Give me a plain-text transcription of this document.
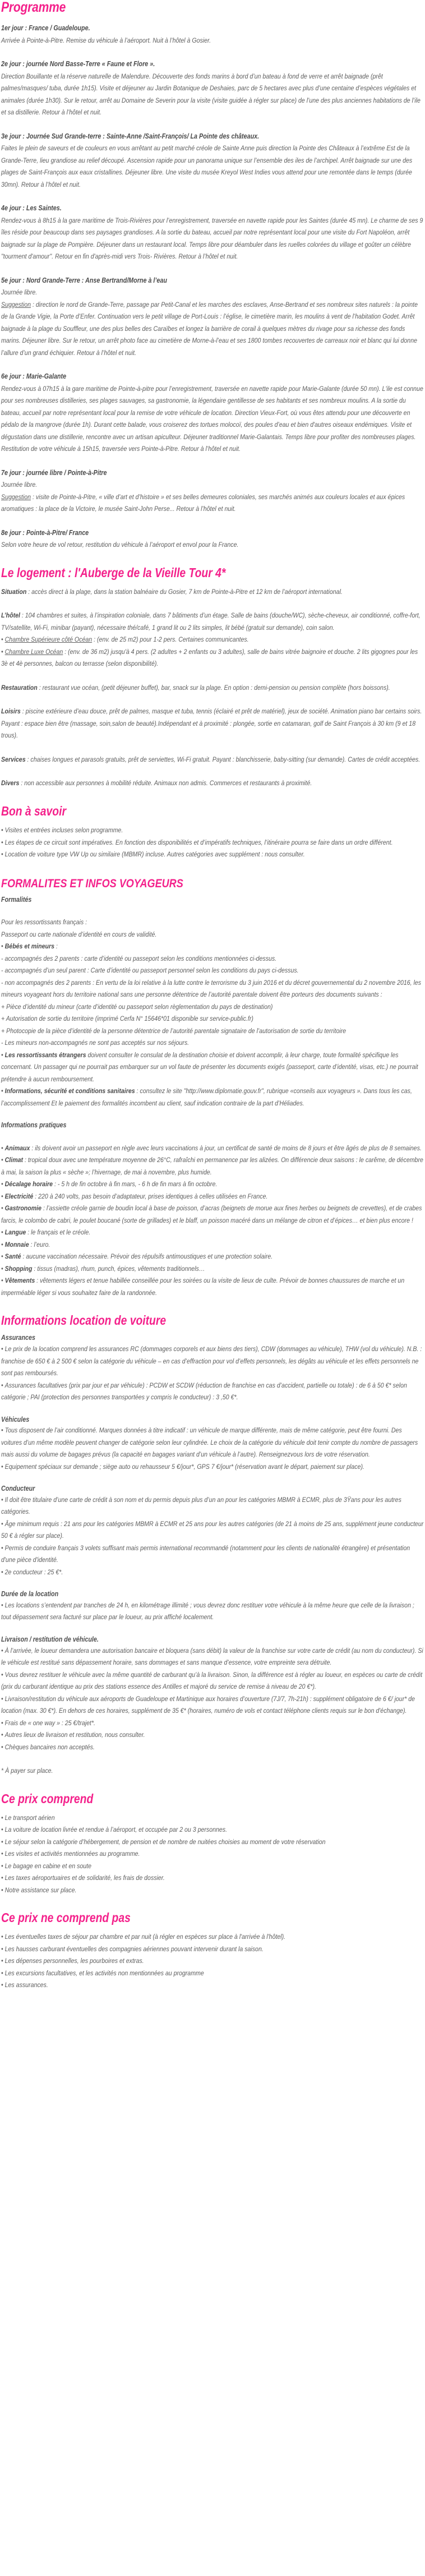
Programme

1er jour : France / Guadeloupe.

Arrivée à Pointe-à-Pitre. Remise du véhicule à l’aéroport. Nuit à l’hôtel à Gosier.

2e jour : journée Nord Basse-Terre « Faune et Flore ».

Direction Bouillante et la réserve naturelle de Malendure. Découverte des fonds marins à bord d’un bateau à fond de verre et arrêt baignade (prêt palmes/masques/ tuba, durée 1h15). Visite et déjeuner au Jardin Botanique de Deshaies, parc de 5 hectares avec plus d’une centaine d’espèces végétales et animales (durée 1h30). Sur le retour, arrêt au Domaine de Severin pour la visite (visite guidée à régler sur place) de l’une des plus anciennes habitations de l’ile et sa distillerie. Retour à l’hôtel et nuit.

3e jour : Journée Sud Grande-terre : Sainte-Anne /Saint-François/ La Pointe des châteaux.

Faites le plein de saveurs et de couleurs en vous arrêtant au petit marché créole de Sainte Anne puis direction la Pointe des Châteaux à l’extrême Est de la Grande-Terre, lieu grandiose au relief découpé. Ascension rapide pour un panorama unique sur l’ensemble des iles de l’archipel. Arrêt baignade sur une des plages de Saint-François aux eaux cristallines. Déjeuner libre. Une visite du musée Kreyol West Indies vous attend pour une remontée dans le temps (durée 30mn). Retour à l’hôtel et nuit.

4e jour : Les Saintes.

Rendez-vous à 8h15 à la gare maritime de Trois-Rivières pour l’enregistrement, traversée en navette rapide pour les Saintes (durée 45 mn). Le charme de ses 9 îles réside pour beaucoup dans ses paysages grandioses. A la sortie du bateau, accueil par notre représentant local pour une visite du Fort Napoléon, arrêt baignade sur la plage de Pompière. Déjeuner dans un restaurant local. Temps libre pour déambuler dans les ruelles colorées du village et goûter un célèbre "tourment d'amour". Retour en fin d'après-midi vers Trois- Rivières. Retour à l’hôtel et nuit.

5e jour : Nord Grande-Terre : Anse Bertrand/Morne à l’eau

Journée libre.

Suggestion : direction le nord de Grande-Terre, passage par Petit-Canal et les marches des esclaves, Anse-Bertrand et ses nombreux sites naturels : la pointe de la Grande Vigie, la Porte d’Enfer. Continuation vers le petit village de Port-Louis : l’église, le cimetière marin, les moulins à vent de l’habitation Godet. Arrêt baignade à la plage du Souffleur, une des plus belles des Caraïbes et longez la barrière de corail à quelques mètres du rivage pour sa richesse des fonds marins. Déjeuner libre. Sur le retour, un arrêt photo face au cimetière de Morne-à-l’eau et ses 1800 tombes recouvertes de carreaux noir et blanc qui lui donne l’allure d’un grand échiquier. Retour à l’hôtel et nuit.

6e jour : Marie-Galante

Rendez-vous à 07h15 à la gare maritime de Pointe-à-pitre pour l’enregistrement, traversée en navette rapide pour Marie-Galante (durée 50 mn). L'ile est connue pour ses nombreuses distilleries, ses plages sauvages, sa gastronomie, la légendaire gentillesse de ses habitants et ses nombreux moulins. A la sortie du bateau, accueil par notre représentant local pour la remise de votre véhicule de location. Direction Vieux-Fort, où vous êtes attendu pour une découverte en pédalo de la mangrove (durée 1h). Durant cette balade, vous croiserez des tortues molocoï, des poules d’eau et bien d'autres oiseaux endémiques. Visite et dégustation dans une distillerie, rencontre avec un artisan apiculteur. Déjeuner traditionnel Marie-Galantais. Temps libre pour profiter des nombreuses plages. Restitution de votre véhicule à 15h15, traversée vers Pointe-à-Pitre. Retour à l’hôtel et nuit.

7e jour : journée libre / Pointe-à-Pitre

Journée libre.

Suggestion : visite de Pointe-à-Pitre, « ville d’art et d’histoire » et ses belles demeures coloniales, ses marchés animés aux couleurs locales et aux épices aromatiques : la place de la Victoire, le musée Saint-John Perse... Retour à l’hôtel et nuit.

8e jour : Pointe-à-Pitre/ France

Selon votre heure de vol retour, restitution du véhicule à l’aéroport et envol pour la France.

Le logement : l'Auberge de la Vieille Tour 4*

Situation : accès direct à la plage, dans la station balnéaire du Gosier, 7 km de Pointe-à-Pitre et 12 km de l’aéroport international.

L’hôtel : 104 chambres et suites, à l’inspiration coloniale, dans 7 bâtiments d’un étage. Salle de bains (douche/WC), sèche-cheveux, air conditionné, coffre-fort, TV/satellite, Wi-Fi, minibar (payant), nécessaire thé/café, 1 grand lit ou 2 lits simples, lit bébé (gratuit sur demande), coin salon.

• Chambre Supérieure côté Océan : (env. de 25 m2) pour 1-2 pers. Certaines communicantes.
• Chambre Luxe Océan : (env. de 36 m2) jusqu'à 4 pers. (2 adultes + 2 enfants ou 3 adultes), salle de bains vitrée baignoire et douche. 2 lits gigognes pour les 3è et 4è personnes, balcon ou terrasse (selon disponibilité).

Restauration : restaurant vue océan, (petit déjeuner buffet), bar, snack sur la plage. En option : demi-pension ou pension complète (hors boissons).

Loisirs : piscine extérieure d’eau douce, prêt de palmes, masque et tuba, tennis (éclairé et prêt de matériel), jeux de société. Animation piano bar certains soirs. Payant : espace bien être (massage, soin,salon de beauté).Indépendant et à proximité : plongée, sortie en catamaran, golf de Saint François à 30 km (9 et 18 trous).

Services : chaises longues et parasols gratuits, prêt de serviettes, Wi-Fi gratuit. Payant : blanchisserie, baby-sitting (sur demande). Cartes de crédit acceptées.

Divers : non accessible aux personnes à mobilité réduite. Animaux non admis. Commerces et restaurants à proximité.

Bon à savoir
• Visites et entrées incluses selon programme.
• Les étapes de ce circuit sont impératives. En fonction des disponibilités et d’impératifs techniques, l’itinéraire pourra se faire dans un ordre différent.
• Location de voiture type VW Up ou similaire (MBMR) incluse. Autres catégories avec supplément : nous consulter.
FORMALITES ET INFOS VOYAGEURS
Formalités

Pour les ressortissants français :

Passeport ou carte nationale d’identité en cours de validité.

• Bébés et mineurs :

- accompagnés des 2 parents : carte d’identité ou passeport selon les conditions mentionnées ci-dessus.

- accompagnés d’un seul parent : Carte d’identité ou passeport personnel selon les conditions du pays ci-dessus.

- non accompagnés des 2 parents : En vertu de la loi relative à la lutte contre le terrorisme du 3 juin 2016 et du décret gouvernemental du 2 novembre 2016, les mineurs voyageant hors du territoire national sans une personne détentrice de l’autorité parentale doivent être porteurs des documents suivants :

+ Pièce d’identité du mineur (carte d’identité ou passeport selon règlementation du pays de destination)

+ Autorisation de sortie du territoire (imprimé Cerfa N° 15646*01 disponible sur service-public.fr)

+ Photocopie de la pièce d’identité de la personne détentrice de l’autorité parentale signataire de l’autorisation de sortie du territoire

- Les mineurs non-accompagnés ne sont pas acceptés sur nos séjours.

• Les ressortissants étrangers doivent consulter le consulat de la destination choisie et doivent accomplir, à leur charge, toute formalité spécifique les concernant. Un passager qui ne pourrait pas embarquer sur un vol faute de présenter les documents exigés (passeport, carte d’identité, visas, etc.) ne pourrait prétendre à aucun remboursement.

• Informations, sécurité et conditions sanitaires : consultez le site "http://www.diplomatie.gouv.fr", rubrique «conseils aux voyageurs ». Dans tous les cas, l’accomplissement Et le paiement des formalités incombent au client, sauf indication contraire de la part d’Héliades.

Informations pratiques
• Animaux : ils doivent avoir un passeport en règle avec leurs vaccinations à jour, un certificat de santé de moins de 8 jours et être âgés de plus de 8 semaines.
• Climat : tropical doux avec une température moyenne de 26°C, rafraîchi en permanence par les alizées. On différencie deux saisons : le carême, de décembre à mai, la saison la plus « sèche »; l’hivernage, de mai à novembre, plus humide.
• Décalage horaire : - 5 h de fin octobre à fin mars, - 6 h de fin mars à fin octobre.
• Electricité : 220 à 240 volts, pas besoin d’adaptateur, prises identiques à celles utilisées en France.
• Gastronomie : l’assiette créole garnie de boudin local à base de poisson, d’acras (beignets de morue aux fines herbes ou beignets de crevettes), et de crabes farcis, le colombo de cabri, le poulet boucané (sorte de grillades) et le blaff, un poisson macéré dans un mélange de citron et d’épices… et bien plus encore !
• Langue : le français et le créole.
• Monnaie : l’euro.
• Santé : aucune vaccination nécessaire. Prévoir des répulsifs antimoustiques et une protection solaire.
• Shopping : tissus (madras), rhum, punch, épices, vêtements traditionnels…
• Vêtements : vêtements légers et tenue habillée conseillée pour les soirées ou la visite de lieux de culte. Prévoir de bonnes chaussures de marche et un imperméable léger si vous souhaitez faire de la randonnée.
Informations location de voiture
Assurances
• Le prix de la location comprend les assurances RC (dommages corporels et aux biens des tiers), CDW (dommages au véhicule), THW (vol du véhicule). N.B. : franchise de 650 € à 2 500 € selon la catégorie du véhicule – en cas d’effraction pour vol d’effets personnels, les dégâts au véhicule et les effets personnels ne sont pas remboursés.
• Assurances facultatives (prix par jour et par véhicule) : PCDW et SCDW (réduction de franchise en cas d’accident, partielle ou totale) : de 6 à 50 €* selon catégorie ; PAI (protection des personnes transportées y compris le conducteur) : 3 ,50 €*.
Véhicules
• Tous disposent de l’air conditionné. Marques données à titre indicatif : un véhicule de marque différente, mais de même catégorie, peut être fourni. Des voitures d’un même modèle peuvent changer de catégorie selon leur cylindrée. Le choix de la catégorie du véhicule doit tenir compte du nombre de passagers mais aussi du volume de bagages prévus (la capacité en bagages variant d’un véhicule à l’autre). Renseignezvous lors de votre réservation.
• Equipement spéciaux sur demande ; siège auto ou rehausseur 5 €/jour*, GPS 7 €/jour* (réservation avant le départ, paiement sur place).
Conducteur
• Il doit être titulaire d’une carte de crédit à son nom et du permis depuis plus d’un an pour les catégories MBMR à ECMR, plus de 3Ÿans pour les autres catégories.
• Âge minimum requis : 21 ans pour les catégories MBMR à ECMR et 25 ans pour les autres catégories (de 21 à moins de 25 ans, supplément jeune conducteur 50 € à régler sur place).
• Permis de conduire français 3 volets suffisant mais permis international recommandé (notamment pour les clients de nationalité étrangère) et présentation d'une pièce d'identité.
• 2e conducteur : 25 €*.
Durée de la location
• Les locations s’entendent par tranches de 24 h, en kilométrage illimité ; vous devrez donc restituer votre véhicule à la même heure que celle de la livraison ; tout dépassement sera facturé sur place par le loueur, au prix affiché localement.
Livraison / restitution de véhicule.
• À l’arrivée, le loueur demandera une autorisation bancaire et bloquera (sans débit) la valeur de la franchise sur votre carte de crédit (au nom du conducteur). Si le véhicule est restitué sans dépassement horaire, sans dommages et sans manque d’essence, votre empreinte sera détruite.
• Vous devrez restituer le véhicule avec la même quantité de carburant qu’à la livraison. Sinon, la différence est à régler au loueur, en espèces ou carte de crédit (prix du carburant identique au prix des stations essence des Antilles et majoré du service de remise à niveau de 20 €*).
• Livraison/restitution du véhicule aux aéroports de Guadeloupe et Martinique aux horaires d’ouverture (7J/7, 7h-21h) : supplément obligatoire de 6 €/ jour* de location (max. 30 €*). En dehors de ces horaires, supplément de 35 €* (horaires, numéro de vols et contact téléphone clients requis sur le bon d'échange).
• Frais de « one way » : 25 €/trajet*.
• Autres lieux de livraison et restitution, nous consulter.
• Chèques bancaires non acceptés.

* À payer sur place.

Ce prix comprend
• Le transport aérien
• La voiture de location livrée et rendue à l’aéroport, et occupée par 2 ou 3 personnes.
• Le séjour selon la catégorie d’hébergement, de pension et de nombre de nuitées choisies au moment de votre réservation
• Les visites et activités mentionnées au programme.
• Le bagage en cabine et en soute
• Les taxes aéroportuaires et de solidarité, les frais de dossier.
• Notre assistance sur place.
Ce prix ne comprend pas
• Les éventuelles taxes de séjour par chambre et par nuit (à régler en espèces sur place à l'arrivée à l'hôtel).
• Les hausses carburant éventuelles des compagnies aériennes pouvant intervenir durant la saison.
• Les dépenses personnelles, les pourboires et extras.
• Les excursions facultatives, et les activités non mentionnées au programme
• Les assurances.
